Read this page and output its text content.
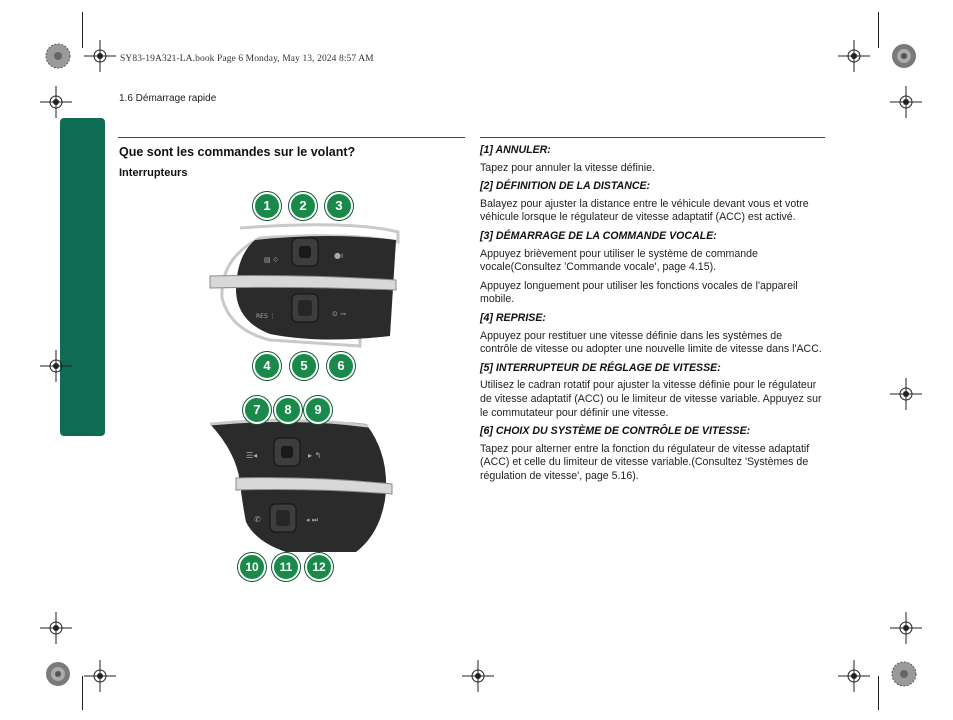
SY83-19A321-LA.book Page 6 Monday, May 13, 2024 8:57 AM
1.6 Démarrage rapide
Que sont les commandes sur le volant?
Interrupteurs
▤ ⟐	●ı
RES ⋮	⊙ ⊸
☰◂	▸ ↰
✆	◂ ⏭
1	2	3
4	5	6
7	8	9
10	11	12
[1] ANNULER:
Tapez pour annuler la vitesse définie.
[2] DÉFINITION DE LA DISTANCE:
Balayez pour ajuster la distance entre le véhicule devant vous et votre véhicule lorsque le régulateur de vitesse adaptatif (ACC) est activé.
[3] DÉMARRAGE DE LA COMMANDE VOCALE:
Appuyez brièvement pour utiliser le système de commande vocale(Consultez 'Commande vocale', page 4.15).
Appuyez longuement pour utiliser les fonctions vocales de l'appareil mobile.
[4] REPRISE:
Appuyez pour restituer une vitesse définie dans les systèmes de contrôle de vitesse ou adopter une nouvelle limite de vitesse dans l'ACC.
[5] INTERRUPTEUR DE RÉGLAGE DE VITESSE:
Utilisez le cadran rotatif pour ajuster la vitesse définie pour le régulateur de vitesse adaptatif (ACC) ou le limiteur de vitesse variable. Appuyez sur le commutateur pour définir une vitesse.
[6] CHOIX DU SYSTÈME DE CONTRÔLE DE VITESSE:
Tapez pour alterner entre la fonction du régulateur de vitesse adaptatif (ACC) et celle du limiteur de vitesse variable.(Consultez 'Systèmes de régulation de vitesse', page 5.16).
